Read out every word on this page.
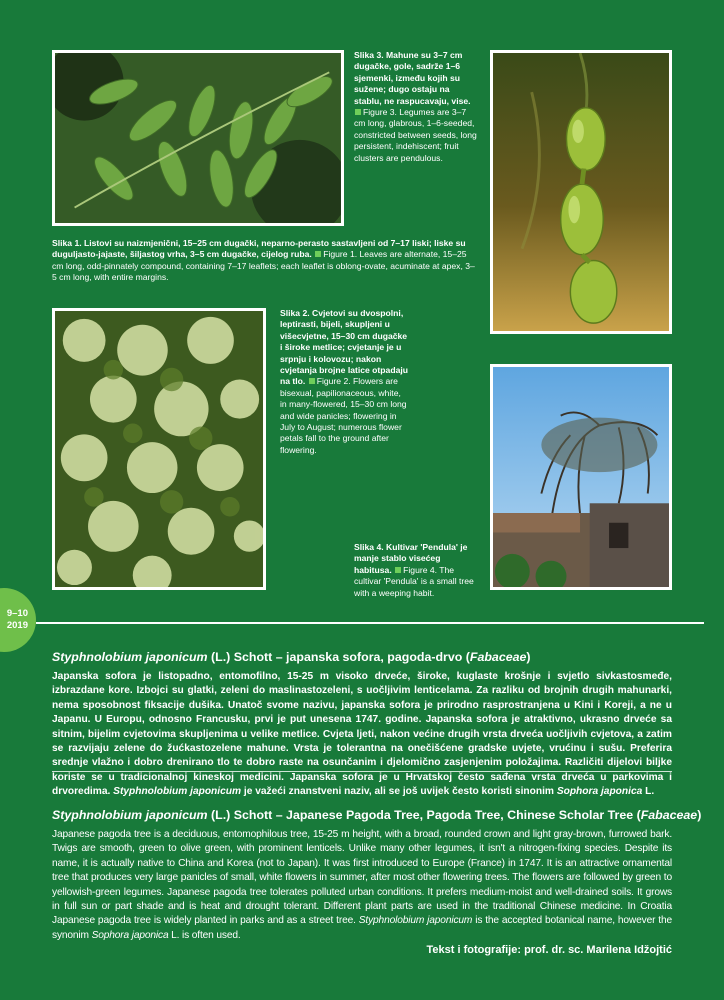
Slika 3. Mahune su 3–7 cm dugačke, gole, sadrže 1–6 sjemenki, između kojih su sužene; dugo ostaju na stablu, ne raspucavaju, vise. Figure 3. Legumes are 3–7 cm long, glabrous, 1–6-seeded, constricted between seeds, long persistent, indehiscent; fruit clusters are pendulous.
Slika 1. Listovi su naizmjenični, 15–25 cm dugački, neparno-perasto sastavljeni od 7–17 liski; liske su duguljasto-jajaste, šiljastog vrha, 3–5 cm dugačke, cijelog ruba. Figure 1. Leaves are alternate, 15–25 cm long, odd-pinnately compound, containing 7–17 leaflets; each leaflet is oblong-ovate, acuminate at apex, 3–5 cm long, with entire margins.
Slika 2. Cvjetovi su dvospolni, leptirasti, bijeli, skupljeni u višecvjetne, 15–30 cm dugačke i široke metlice; cvjetanje je u srpnju i kolovozu; nakon cvjetanja brojne latice otpadaju na tlo. Figure 2. Flowers are bisexual, papilionaceous, white, in many-flowered, 15–30 cm long and wide panicles; flowering in July to August; numerous flower petals fall to the ground after flowering.
Slika 4. Kultivar 'Pendula' je manje stablo visećeg habitusa. Figure 4. The cultivar 'Pendula' is a small tree with a weeping habit.
9–10
2019
Styphnolobium japonicum (L.) Schott – japanska sofora, pagoda-drvo (Fabaceae)
Japanska sofora je listopadno, entomofilno, 15-25 m visoko drveće, široke, kuglaste krošnje i svjetlo sivkastosmeđe, izbrazdane kore. Izbojci su glatki, zeleni do maslinastozeleni, s uočljivim lenticelama. Za razliku od brojnih drugih mahunarki, nema sposobnost fiksacije dušika. Unatoč svome nazivu, japanska sofora je prirodno rasprostranjena u Kini i Koreji, a ne u Japanu. U Europu, odnosno Francusku, prvi je put unesena 1747. godine. Japanska sofora je atraktivno, ukrasno drveće sa sitnim, bijelim cvjetovima skupljenima u velike metlice. Cvjeta ljeti, nakon većine drugih vrsta drveća uočljivih cvjetova, a zatim se razvijaju zelene do žućkastozelene mahune. Vrsta je tolerantna na onečišćene gradske uvjete, vrućinu i sušu. Preferira srednje vlažno i dobro drenirano tlo te dobro raste na osunčanim i djelomično zasjenjenim položajima. Različiti dijelovi biljke koriste se u tradicionalnoj kineskoj medicini. Japanska sofora je u Hrvatskoj često sađena vrsta drveća u parkovima i drvoredima. Styphnolobium japonicum je važeći znanstveni naziv, ali se još uvijek često koristi sinonim Sophora japonica L.
Styphnolobium japonicum (L.) Schott – Japanese Pagoda Tree, Pagoda Tree, Chinese Scholar Tree (Fabaceae)
Japanese pagoda tree is a deciduous, entomophilous tree, 15-25 m height, with a broad, rounded crown and light gray-brown, furrowed bark. Twigs are smooth, green to olive green, with prominent lenticels. Unlike many other legumes, it isn't a nitrogen-fixing species. Despite its name, it is actually native to China and Korea (not to Japan). It was first introduced to Europe (France) in 1747. It is an attractive ornamental tree that produces very large panicles of small, white flowers in summer, after most other flowering trees. The flowers are followed by green to yellowish-green legumes. Japanese pagoda tree tolerates polluted urban conditions. It prefers medium-moist and well-drained soils. It grows in full sun or part shade and is heat and drought tolerant. Different plant parts are used in the traditional Chinese medicine. In Croatia Japanese pagoda tree is widely planted in parks and as a street tree. Styphnolobium japonicum is the accepted botanical name, however the synonim Sophora japonica L. is often used.
Tekst i fotografije: prof. dr. sc. Marilena Idžojtić
